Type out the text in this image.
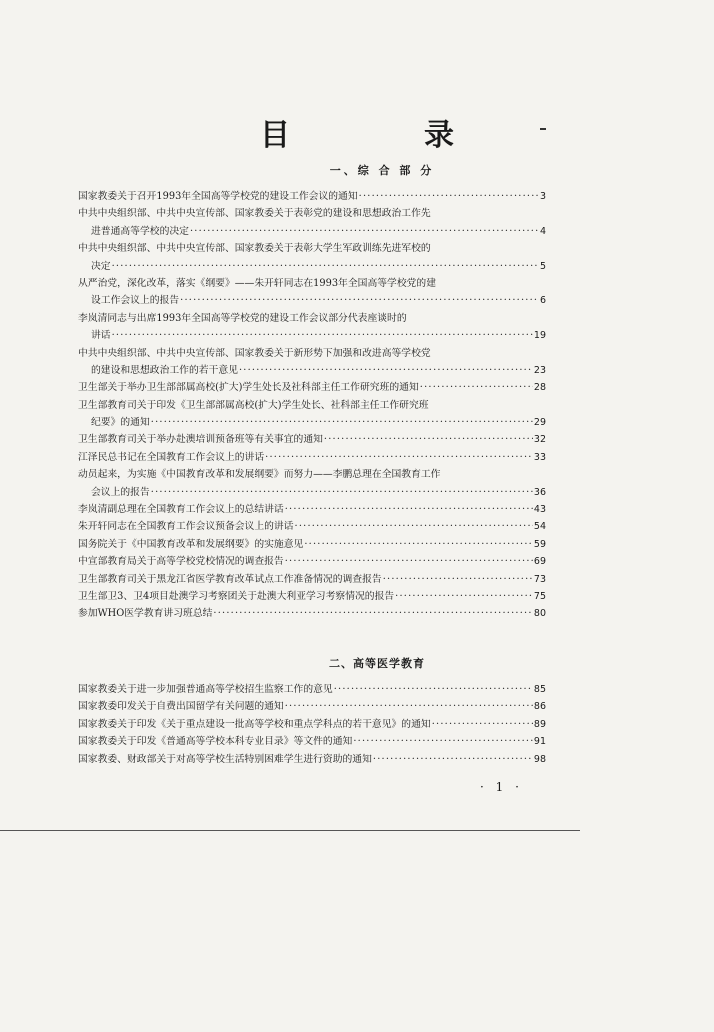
目　录
一、综 合 部 分
国家教委关于召开1993年全国高等学校党的建设工作会议的通知 ·····	3
中共中央组织部、中共中央宣传部、国家教委关于表彰党的建设和思想政治工作先
进普通高等学校的决定 ·····	4
中共中央组织部、中共中央宣传部、国家教委关于表彰大学生军政训练先进军校的
决定 ·····	5
从严治党，深化改革，落实《纲要》——朱开轩同志在1993年全国高等学校党的建
设工作会议上的报告 ·····	6
李岚清同志与出席1993年全国高等学校党的建设工作会议部分代表座谈时的
讲话 ·····	19
中共中央组织部、中共中央宣传部、国家教委关于新形势下加强和改进高等学校党
的建设和思想政治工作的若干意见 ·····	23
卫生部关于举办卫生部部属高校(扩大)学生处长及社科部主任工作研究班的通知 ·····	28
卫生部教育司关于印发《卫生部部属高校(扩大)学生处长、社科部主任工作研究班
纪要》的通知 ·····	29
卫生部教育司关于举办赴澳培训预备班等有关事宜的通知 ·····	32
江泽民总书记在全国教育工作会议上的讲话 ·····	33
动员起来，为实施《中国教育改革和发展纲要》而努力——李鹏总理在全国教育工作
会议上的报告 ·····	36
李岚清副总理在全国教育工作会议上的总结讲话 ·····	43
朱开轩同志在全国教育工作会议预备会议上的讲话 ·····	54
国务院关于《中国教育改革和发展纲要》的实施意见 ·····	59
中宣部教育局关于高等学校党校情况的调查报告 ·····	69
卫生部教育司关于黑龙江省医学教育改革试点工作准备情况的调查报告 ·····	73
卫生部卫3、卫4项目赴澳学习考察团关于赴澳大利亚学习考察情况的报告 ·····	75
参加WHO医学教育讲习班总结 ·····	80
二、高等医学教育
国家教委关于进一步加强普通高等学校招生监察工作的意见 ·····	85
国家教委印发关于自费出国留学有关问题的通知 ·····	86
国家教委关于印发《关于重点建设一批高等学校和重点学科点的若干意见》的通知 ·····	89
国家教委关于印发《普通高等学校本科专业目录》等文件的通知 ·····	91
国家教委、财政部关于对高等学校生活特别困难学生进行资助的通知 ·····	98
· 1 ·
